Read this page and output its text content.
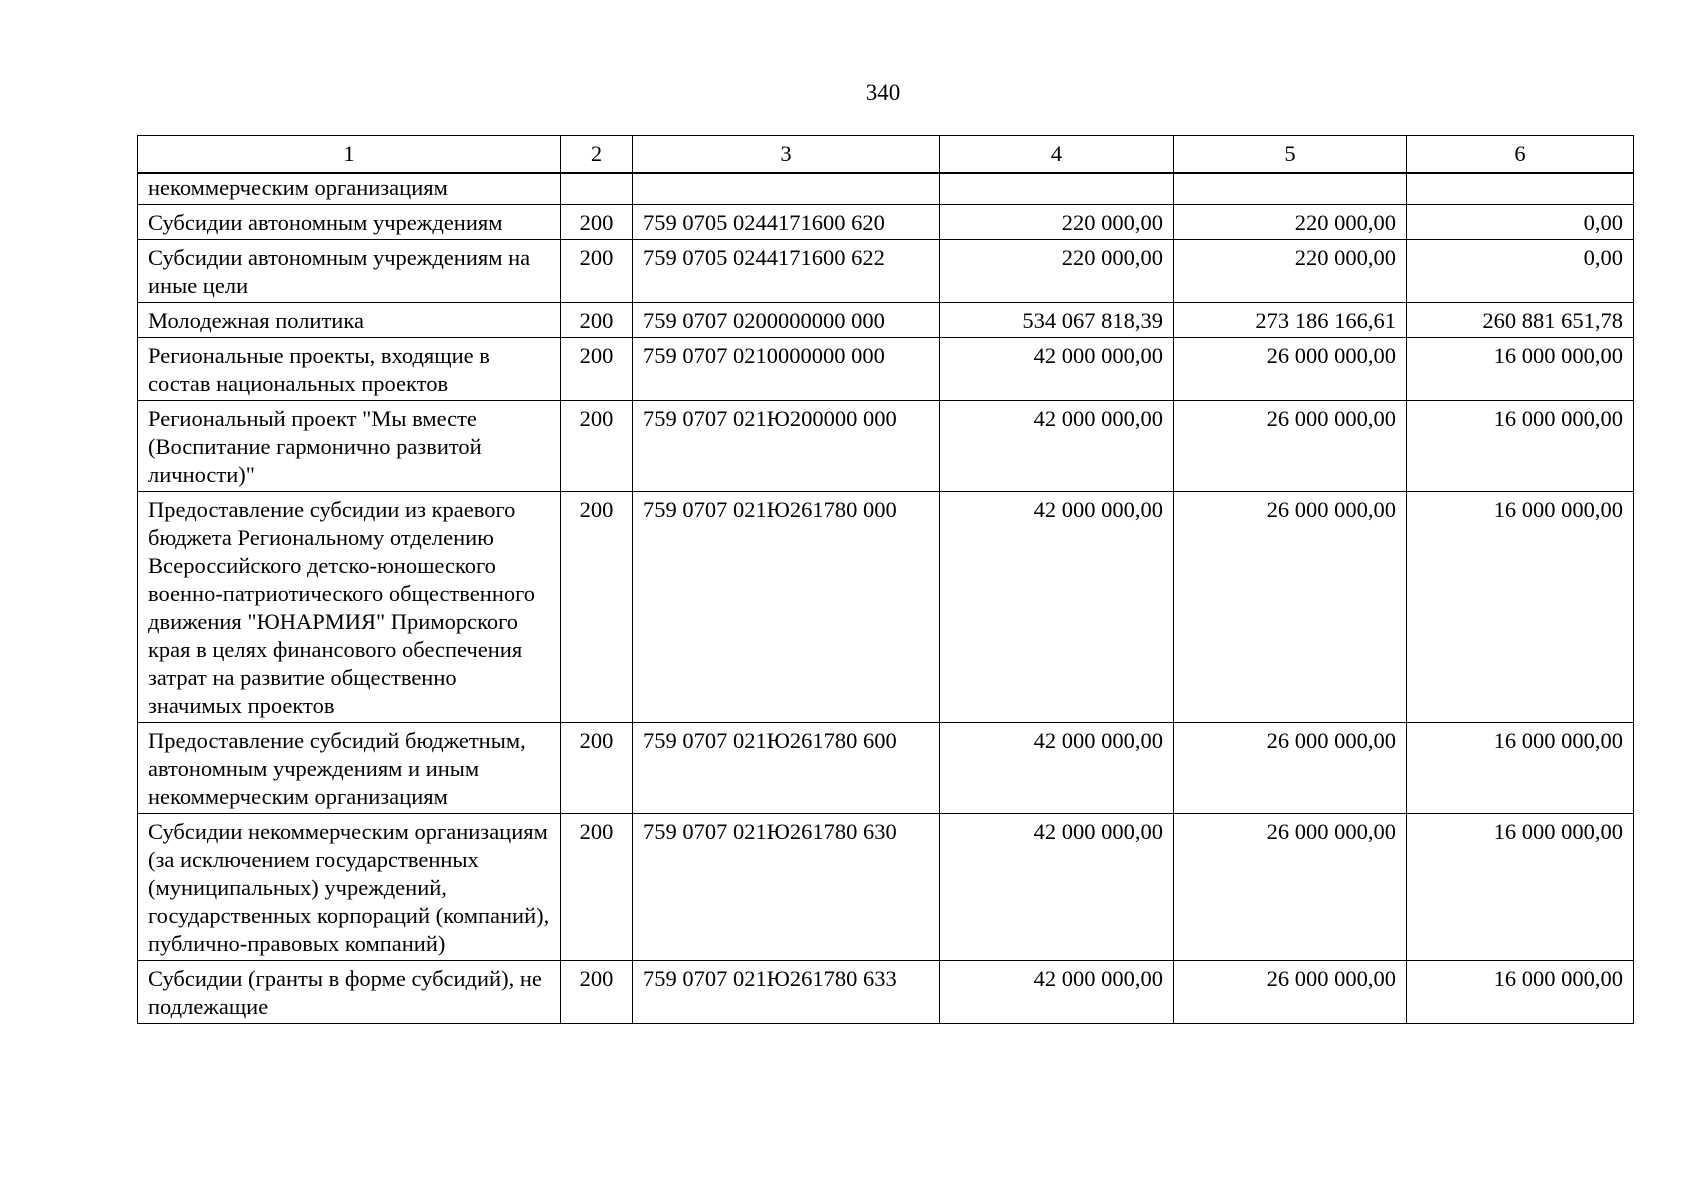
340
1	2	3	4	5	6
некоммерческим организациям					
Субсидии автономным учреждениям	200	759 0705 0244171600 620	220 000,00	220 000,00	0,00
Субсидии автономным учреждениям на иные цели	200	759 0705 0244171600 622	220 000,00	220 000,00	0,00
Молодежная политика	200	759 0707 0200000000 000	534 067 818,39	273 186 166,61	260 881 651,78
Региональные проекты, входящие в состав национальных проектов	200	759 0707 0210000000 000	42 000 000,00	26 000 000,00	16 000 000,00
Региональный проект "Мы вместе (Воспитание гармонично развитой личности)"	200	759 0707 021Ю200000 000	42 000 000,00	26 000 000,00	16 000 000,00
Предоставление субсидии из краевого бюджета Региональному отделению Всероссийского детско-юношеского военно-патриотического общественного движения "ЮНАРМИЯ" Приморского края в целях финансового обеспечения затрат на развитие общественно значимых проектов	200	759 0707 021Ю261780 000	42 000 000,00	26 000 000,00	16 000 000,00
Предоставление субсидий бюджетным, автономным учреждениям и иным некоммерческим организациям	200	759 0707 021Ю261780 600	42 000 000,00	26 000 000,00	16 000 000,00
Субсидии некоммерческим организациям (за исключением государственных (муниципальных) учреждений, государственных корпораций (компаний), публично-правовых компаний)	200	759 0707 021Ю261780 630	42 000 000,00	26 000 000,00	16 000 000,00
Субсидии (гранты в форме субсидий), не подлежащие	200	759 0707 021Ю261780 633	42 000 000,00	26 000 000,00	16 000 000,00
